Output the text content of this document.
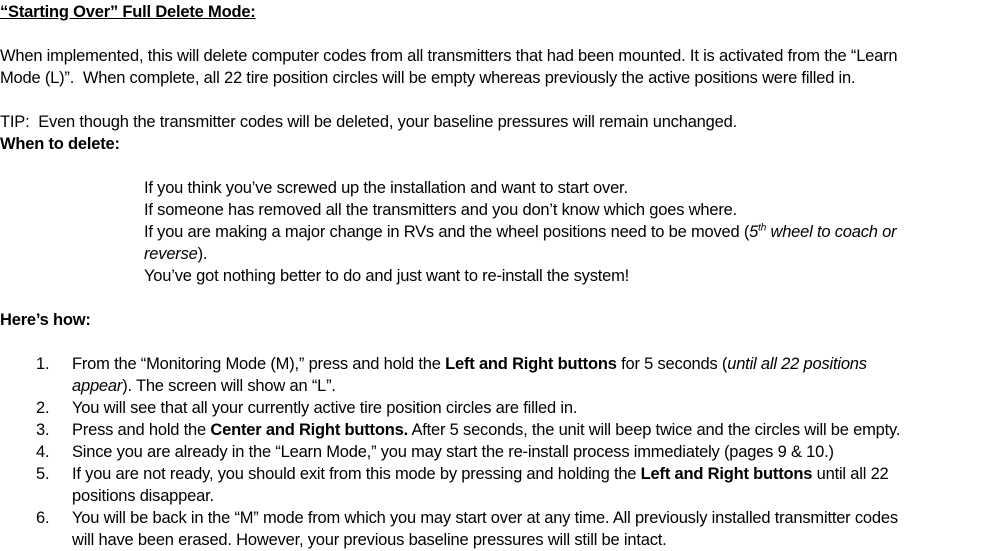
“Starting Over” Full Delete Mode:
When implemented, this will delete computer codes from all transmitters that had been mounted. It is activated from the “Learn
Mode (L)”.  When complete, all 22 tire position circles will be empty whereas previously the active positions were filled in.
TIP:  Even though the transmitter codes will be deleted, your baseline pressures will remain unchanged.
When to delete:
If you think you’ve screwed up the installation and want to start over.
If someone has removed all the transmitters and you don’t know which goes where.
If you are making a major change in RVs and the wheel positions need to be moved (5th wheel to coach or
reverse).
You’ve got nothing better to do and just want to re-install the system!
Here’s how:
1. From the “Monitoring Mode (M),” press and hold the Left and Right buttons for 5 seconds (until all 22 positions
appear). The screen will show an “L”.
2. You will see that all your currently active tire position circles are filled in.
3. Press and hold the Center and Right buttons. After 5 seconds, the unit will beep twice and the circles will be empty.
4. Since you are already in the “Learn Mode,” you may start the re-install process immediately (pages 9 & 10.)
5. If you are not ready, you should exit from this mode by pressing and holding the Left and Right buttons until all 22
positions disappear.
6. You will be back in the “M” mode from which you may start over at any time. All previously installed transmitter codes
will have been erased. However, your previous baseline pressures will still be intact.
